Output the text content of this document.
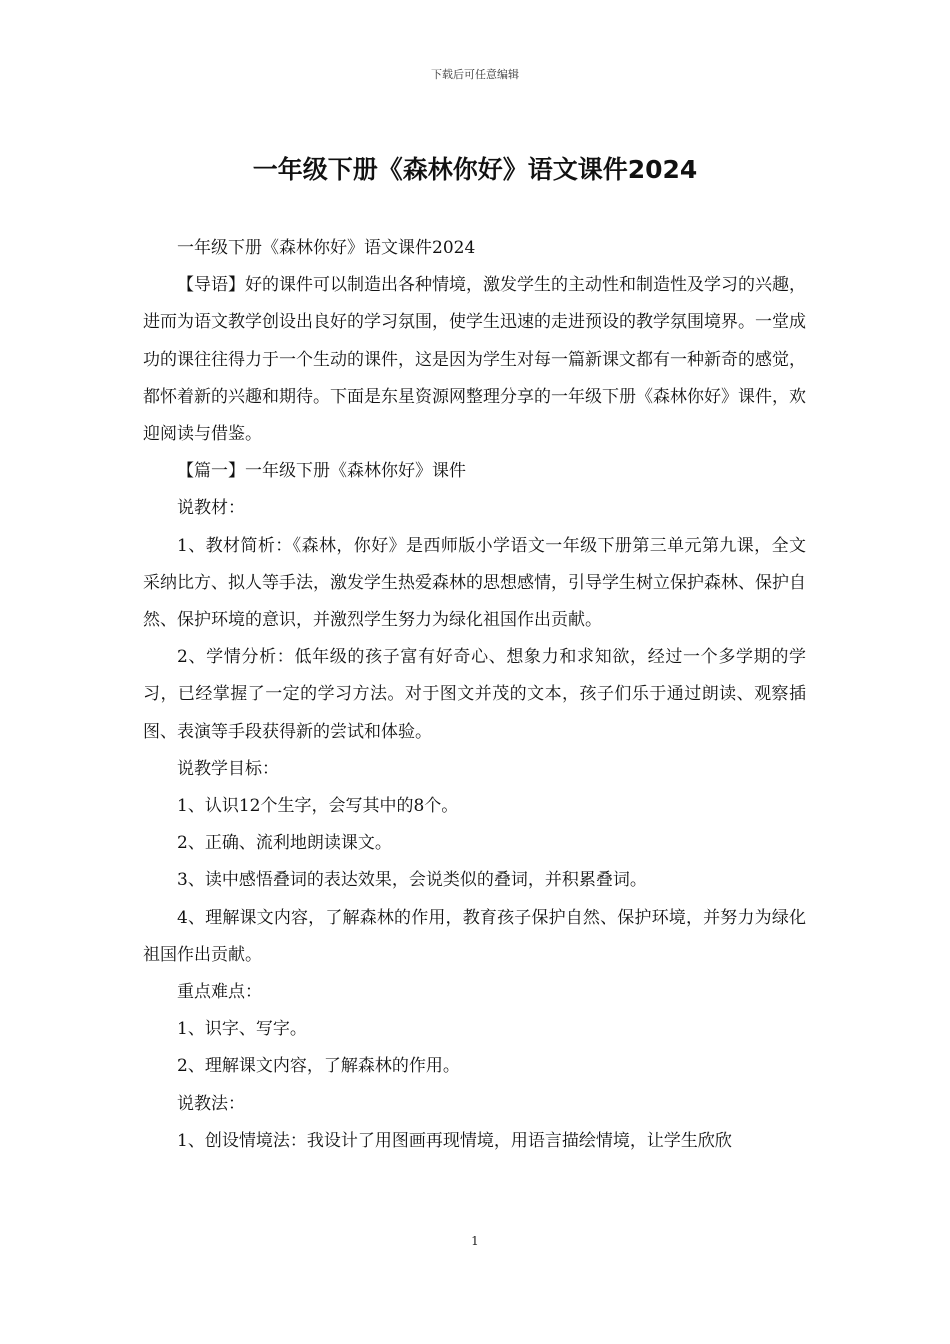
下载后可任意编辑
一年级下册《森林你好》语文课件2024

一年级下册《森林你好》语文课件2024

【导语】好的课件可以制造出各种情境，激发学生的主动性和制造性及学习的兴趣，进而为语文教学创设出良好的学习氛围，使学生迅速的走进预设的教学氛围境界。一堂成功的课往往得力于一个生动的课件，这是因为学生对每一篇新课文都有一种新奇的感觉，都怀着新的兴趣和期待。下面是东星资源网整理分享的一年级下册《森林你好》课件，欢迎阅读与借鉴。

【篇一】一年级下册《森林你好》课件

说教材：

1、教材简析：《森林，你好》是西师版小学语文一年级下册第三单元第九课，全文采纳比方、拟人等手法，激发学生热爱森林的思想感情，引导学生树立保护森林、保护自然、保护环境的意识，并激烈学生努力为绿化祖国作出贡献。

2、学情分析：低年级的孩子富有好奇心、想象力和求知欲，经过一个多学期的学习，已经掌握了一定的学习方法。对于图文并茂的文本，孩子们乐于通过朗读、观察插图、表演等手段获得新的尝试和体验。

说教学目标：

1、认识12个生字，会写其中的8个。

2、正确、流利地朗读课文。

3、读中感悟叠词的表达效果，会说类似的叠词，并积累叠词。

4、理解课文内容，了解森林的作用，教育孩子保护自然、保护环境，并努力为绿化祖国作出贡献。

重点难点：

1、识字、写字。

2、理解课文内容，了解森林的作用。

说教法：

1、创设情境法：我设计了用图画再现情境，用语言描绘情境，让学生欣欣

1
